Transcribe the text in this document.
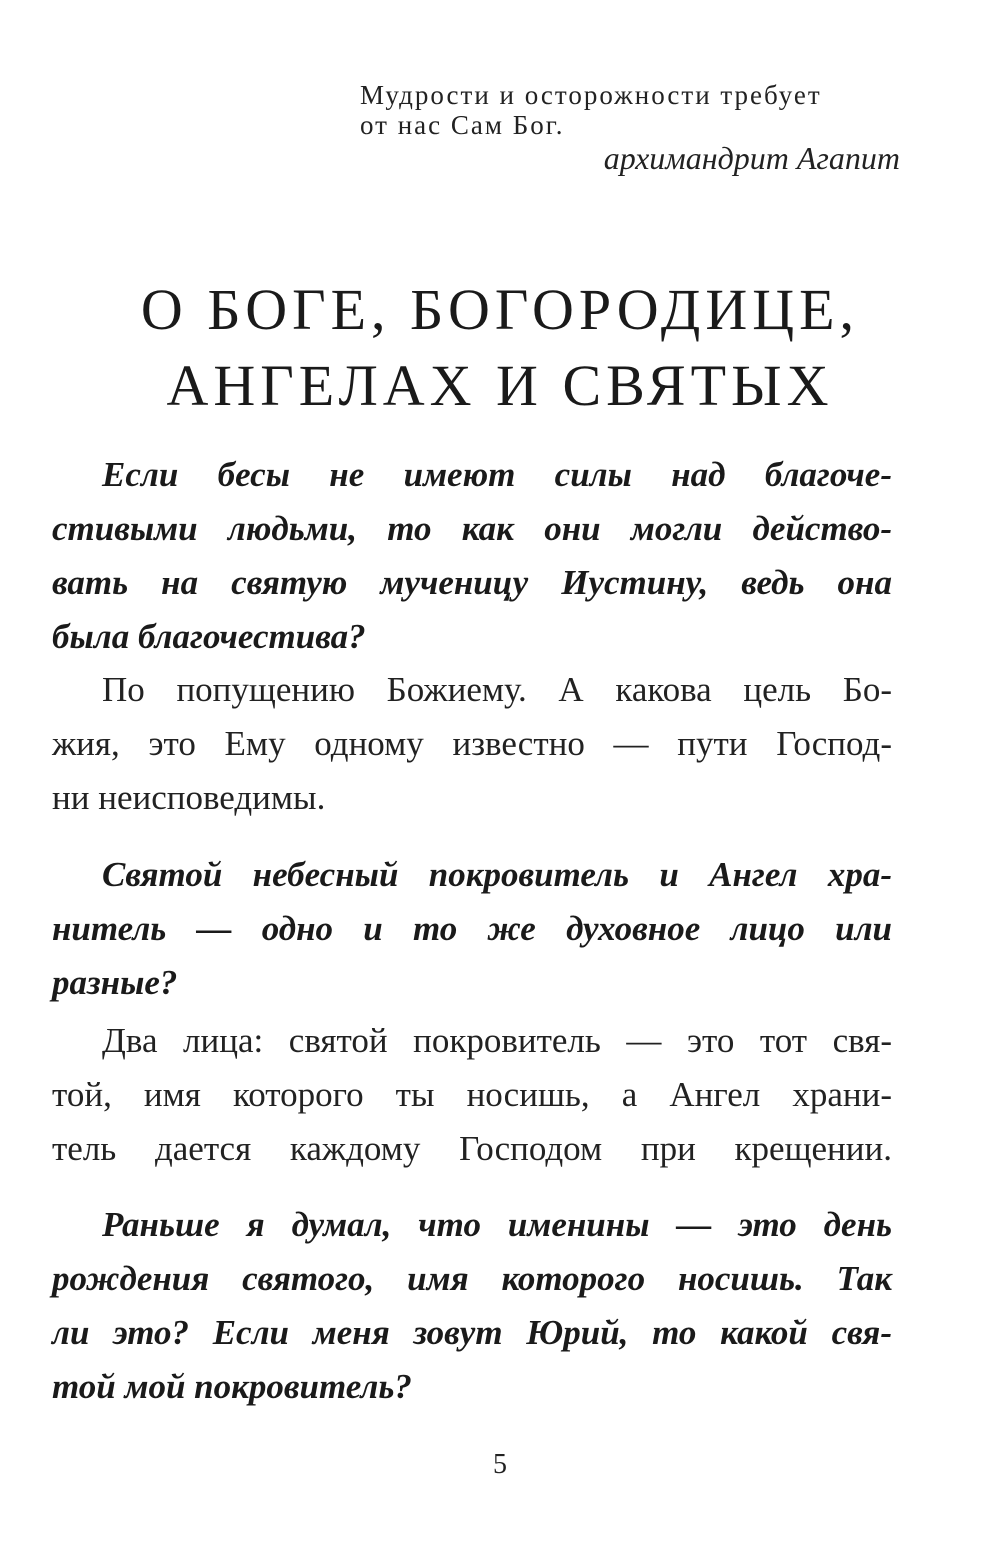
Мудрости и осторожности требует
от нас Сам Бог.
архимандрит Агапит
О БОГЕ, БОГОРОДИЦЕ,
АНГЕЛАХ И СВЯТЫХ

Если бесы не имеют силы над благоче-
стивыми людьми, то как они могли действо-
вать на святую мученицу Иустину, ведь она
была благочестива?

По попущению Божиему. А какова цель Бо-
жия, это Ему одному известно — пути Господ-
ни неисповедимы.

Святой небесный покровитель и Ангел хра-
нитель — одно и то же духовное лицо или
разные?

Два лица: святой покровитель — это тот свя-
той, имя которого ты носишь, а Ангел храни-
тель дается каждому Господом при крещении.

Раньше я думал, что именины — это день
рождения святого, имя которого носишь. Так
ли это? Если меня зовут Юрий, то какой свя-
той мой покровитель?

5
